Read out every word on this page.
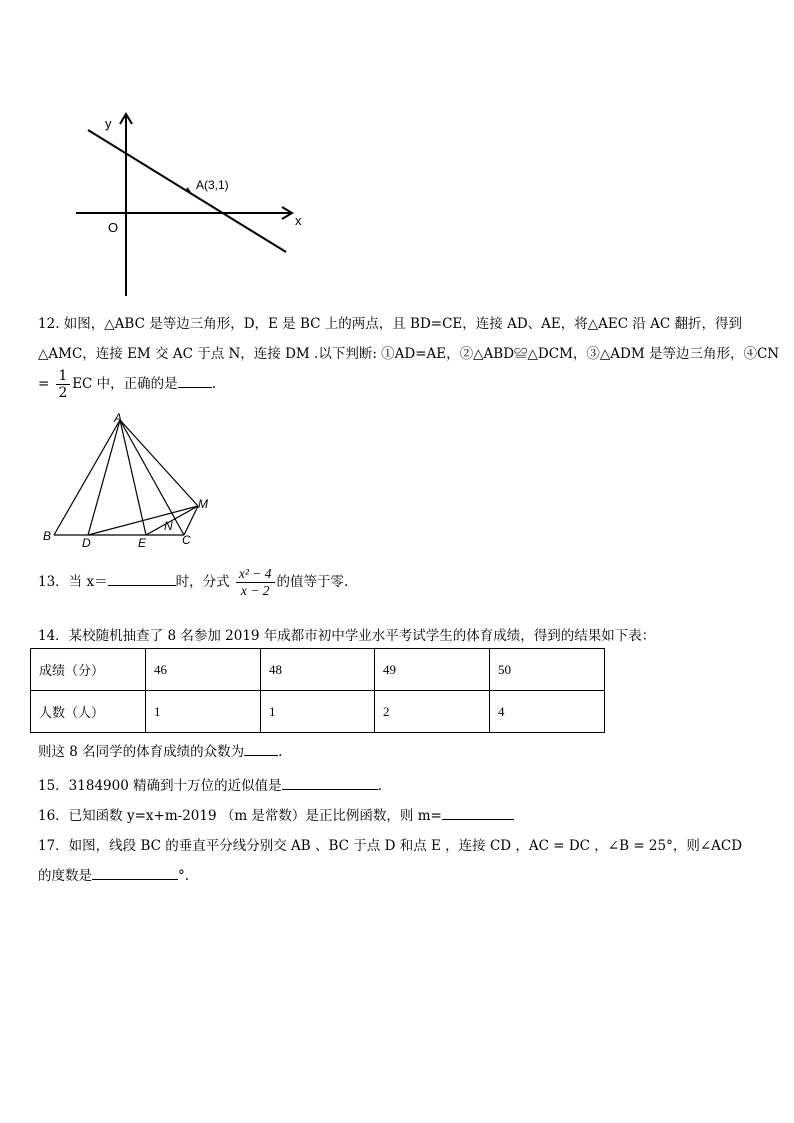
y
x
O
A(3,1)
12. 如图，△ABC 是等边三角形，D，E 是 BC 上的两点，且 BD=CE，连接 AD、AE，将△AEC 沿 AC 翻折，得到
△AMC，连接 EM 交 AC 于点 N，连接 DM .以下判断: ①AD=AE，②△ABD≌△DCM，③△ADM 是等边三角形，④CN
= $\frac{1}{2}$ EC 中，正确的是	.
A
B	D	E	C
M
N
13．当 x＝	时，分式 $\frac{\text{x² − 4}}{x - 2}$ 的值等于零.
14．某校随机抽查了 8 名参加 2019 年成都市初中学业水平考试学生的体育成绩，得到的结果如下表：
成绩（分）	46	48	49	50
人数（人）	1	1	2	4
则这 8 名同学的体育成绩的众数为	.
15．3184900 精确到十万位的近似值是	.
16．已知函数 y=x+m-2019 （m 是常数）是正比例函数，则 m=
17．如图，线段 BC 的垂直平分线分别交 AB 、BC 于点 D 和点 E ，连接 CD ，AC = DC ，∠B = 25°，则∠ACD
的度数是	°.
